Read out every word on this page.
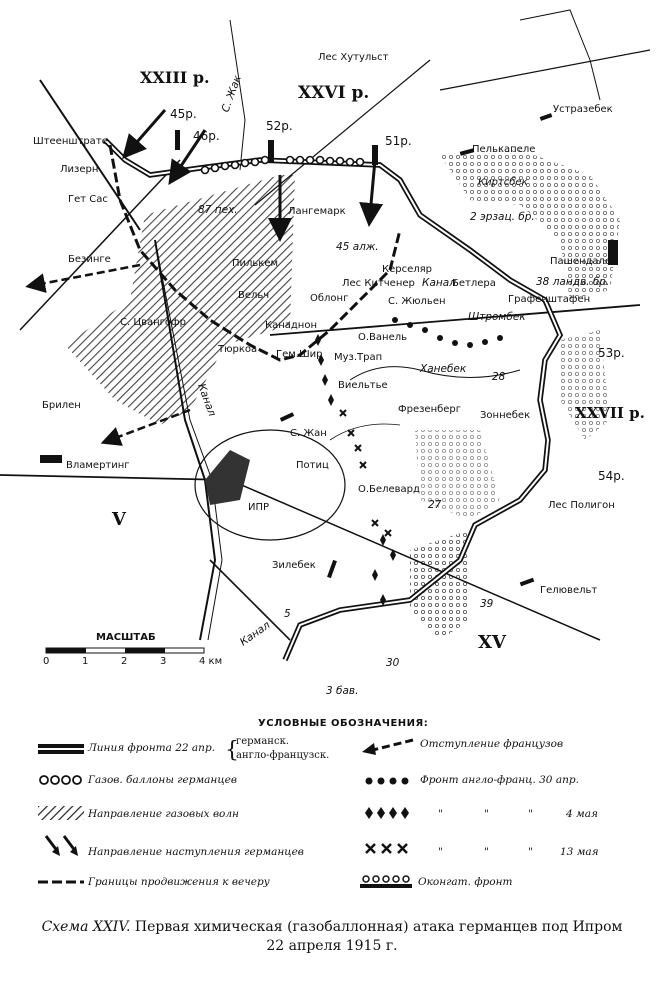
XXIII р.
XXVI р.
XXVII р.
V
XV
45р.
46р.
52р.
51р.
53р.
54р.
Лес Хутульст
Устразебек
Пелькапеле
Киртсбек
Штеенштрате
Лизерн
Гет Сас
Лангемарк
Безинге	Пилькем
Вельч
С. Цвангофр	Канаднон
Тюркоа
Керселяр
Лес Китченер	Бетлера
Облонг	С. Жюльен	Графенштафен
Пашендале
О.Ванель
Муз.Трап
Гем.Шир
Виельтье
Фрезенберг
Зоннебек
Брилен
С. Жан
Потиц
Вламертинг
О.Белевард
ИПР	Лес Полигон
Зилебек
Гелювельт
С. Жак
87 пех.
45 алж.
Канал
2 эрзац. бр.
38 ландв. бр.
Штромбек
Ханебек
28
27
Канал
Канал
5
39
30
3 бав.
МАСШТАБ
0	1	2	3	4 км
УСЛОВНЫЕ ОБОЗНАЧЕНИЯ:
Линия фронта 22 апр. {
германск.
англо-французск.
Отступление французов
Газов. баллоны германцев	Фронт англо-франц. 30 апр.
Направление газовых волн	"	"	"	4 мая
Направление наступления германцев	"	"	"	13 мая
Границы продвижения к вечеру	Оконгат. фронт
Схема XXIV. Первая химическая (газобаллонная) атака германцев под Ипром
22 апреля 1915 г.
